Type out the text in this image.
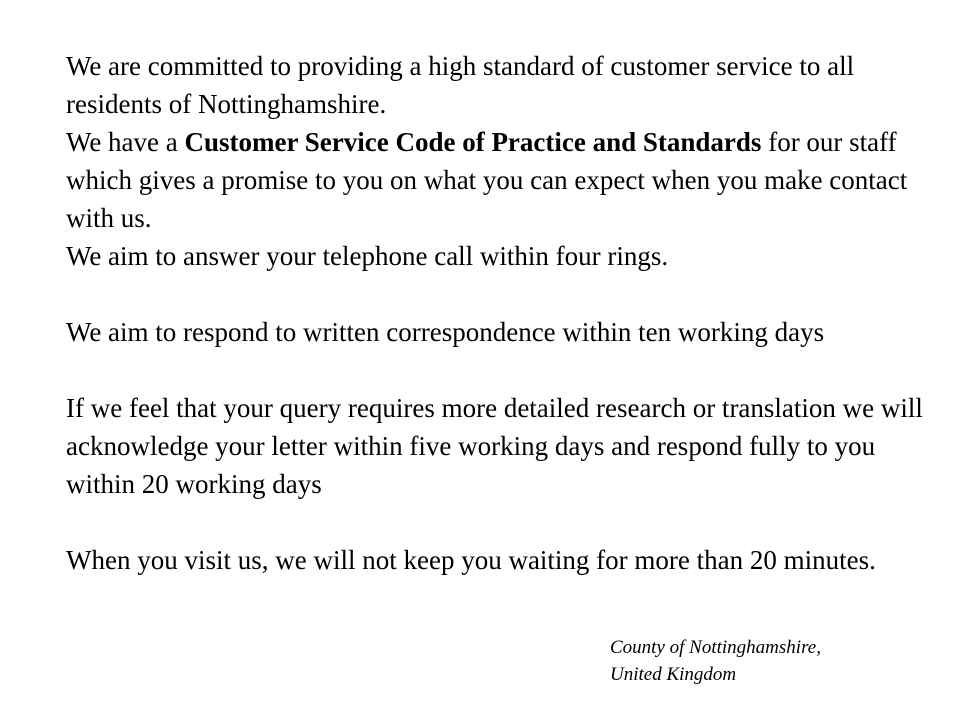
We are committed to providing a high standard of customer service to all residents of Nottinghamshire.

We have a Customer Service Code of Practice and Standards for our staff which gives a promise to you on what you can expect when you make contact with us.

We aim to answer your telephone call within four rings.

We aim to respond to written correspondence within ten working days

If we feel that your query requires more detailed research or translation we will acknowledge your letter within five working days and respond fully to you within 20 working days

When you visit us, we will not keep you waiting for more than 20 minutes.

County of Nottinghamshire,
United Kingdom
